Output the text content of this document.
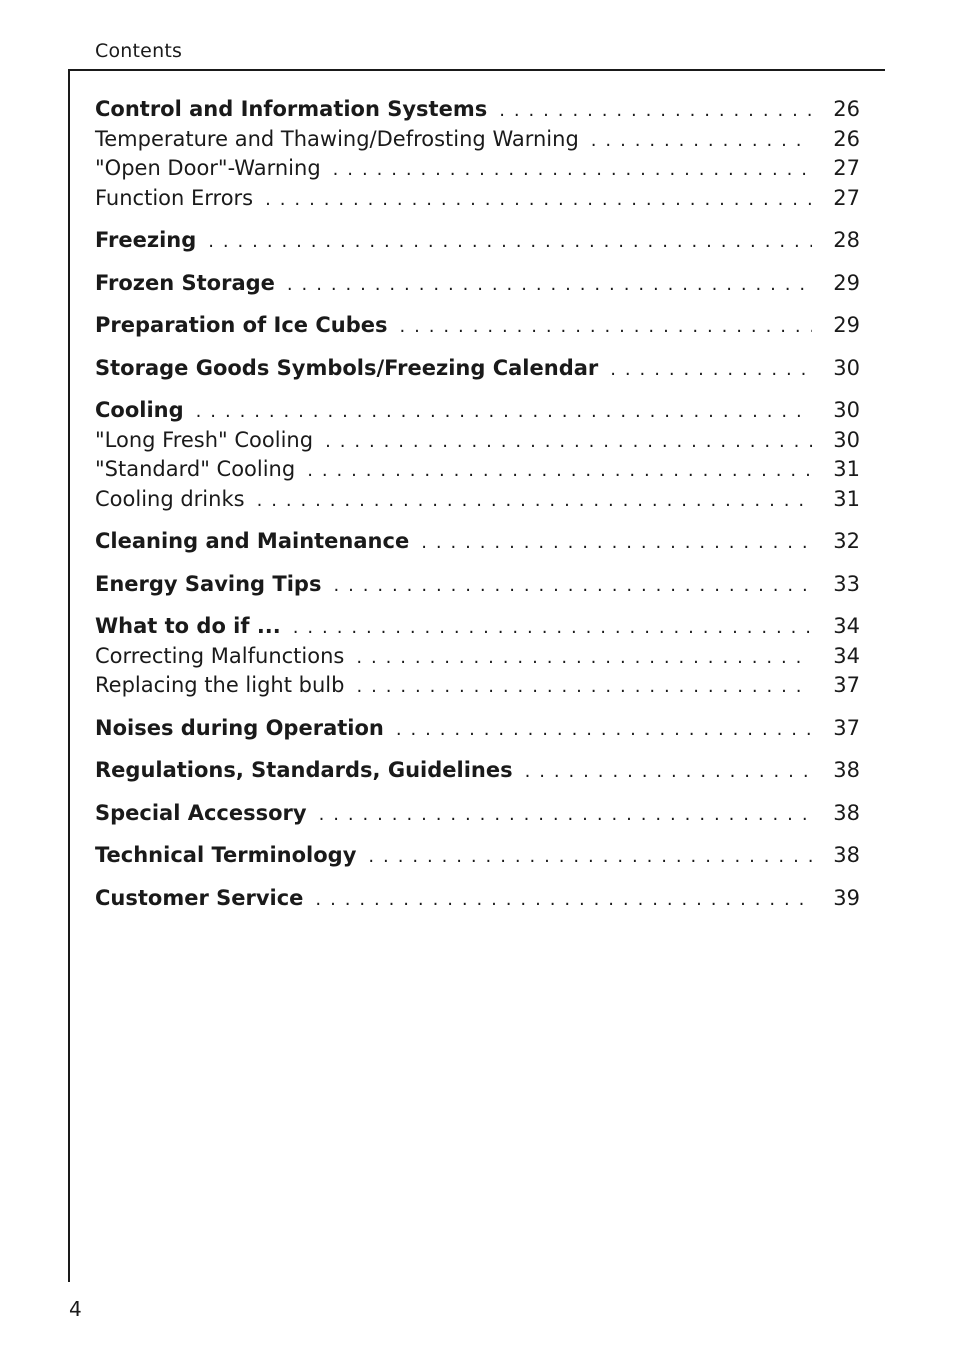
Contents
Control and Information Systems . . .	26
Temperature and Thawing/Defrosting Warning . . .	26
"Open Door"-Warning . . .	27
Function Errors . . .	27
Freezing . . .	28
Frozen Storage . . .	29
Preparation of Ice Cubes . . .	29
Storage Goods Symbols/Freezing Calendar . . .	30
Cooling . . .	30
"Long Fresh" Cooling . . .	30
"Standard" Cooling . . .	31
Cooling drinks . . .	31
Cleaning and Maintenance . . .	32
Energy Saving Tips . . .	33
What to do if ... . . .	34
Correcting Malfunctions . . .	34
Replacing the light bulb . . .	37
Noises during Operation . . .	37
Regulations, Standards, Guidelines . . .	38
Special Accessory . . .	38
Technical Terminology . . .	38
Customer Service . . .	39
4
